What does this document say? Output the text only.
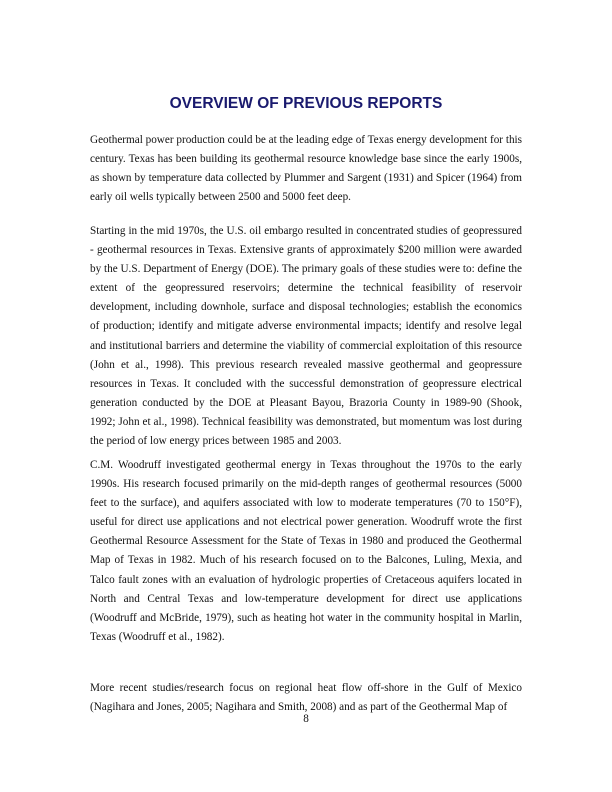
OVERVIEW OF PREVIOUS REPORTS

Geothermal power production could be at the leading edge of Texas energy development for this century. Texas has been building its geothermal resource knowledge base since the early 1900s, as shown by temperature data collected by Plummer and Sargent (1931) and Spicer (1964) from early oil wells typically between 2500 and 5000 feet deep.

Starting in the mid 1970s, the U.S. oil embargo resulted in concentrated studies of geopressured - geothermal resources in Texas. Extensive grants of approximately $200 million were awarded by the U.S. Department of Energy (DOE). The primary goals of these studies were to: define the extent of the geopressured reservoirs; determine the technical feasibility of reservoir development, including downhole, surface and disposal technologies; establish the economics of production; identify and mitigate adverse environmental impacts; identify and resolve legal and institutional barriers and determine the viability of commercial exploitation of this resource (John et al., 1998). This previous research revealed massive geothermal and geopressure resources in Texas. It concluded with the successful demonstration of geopressure electrical generation conducted by the DOE at Pleasant Bayou, Brazoria County in 1989-90 (Shook, 1992; John et al., 1998). Technical feasibility was demonstrated, but momentum was lost during the period of low energy prices between 1985 and 2003.

C.M. Woodruff investigated geothermal energy in Texas throughout the 1970s to the early 1990s. His research focused primarily on the mid-depth ranges of geothermal resources (5000 feet to the surface), and aquifers associated with low to moderate temperatures (70 to 150°F), useful for direct use applications and not electrical power generation. Woodruff wrote the first Geothermal Resource Assessment for the State of Texas in 1980 and produced the Geothermal Map of Texas in 1982. Much of his research focused on to the Balcones, Luling, Mexia, and Talco fault zones with an evaluation of hydrologic properties of Cretaceous aquifers located in North and Central Texas and low-temperature development for direct use applications (Woodruff and McBride, 1979), such as heating hot water in the community hospital in Marlin, Texas (Woodruff et al., 1982).

More recent studies/research focus on regional heat flow off-shore in the Gulf of Mexico (Nagihara and Jones, 2005; Nagihara and Smith, 2008) and as part of the Geothermal Map of

8
